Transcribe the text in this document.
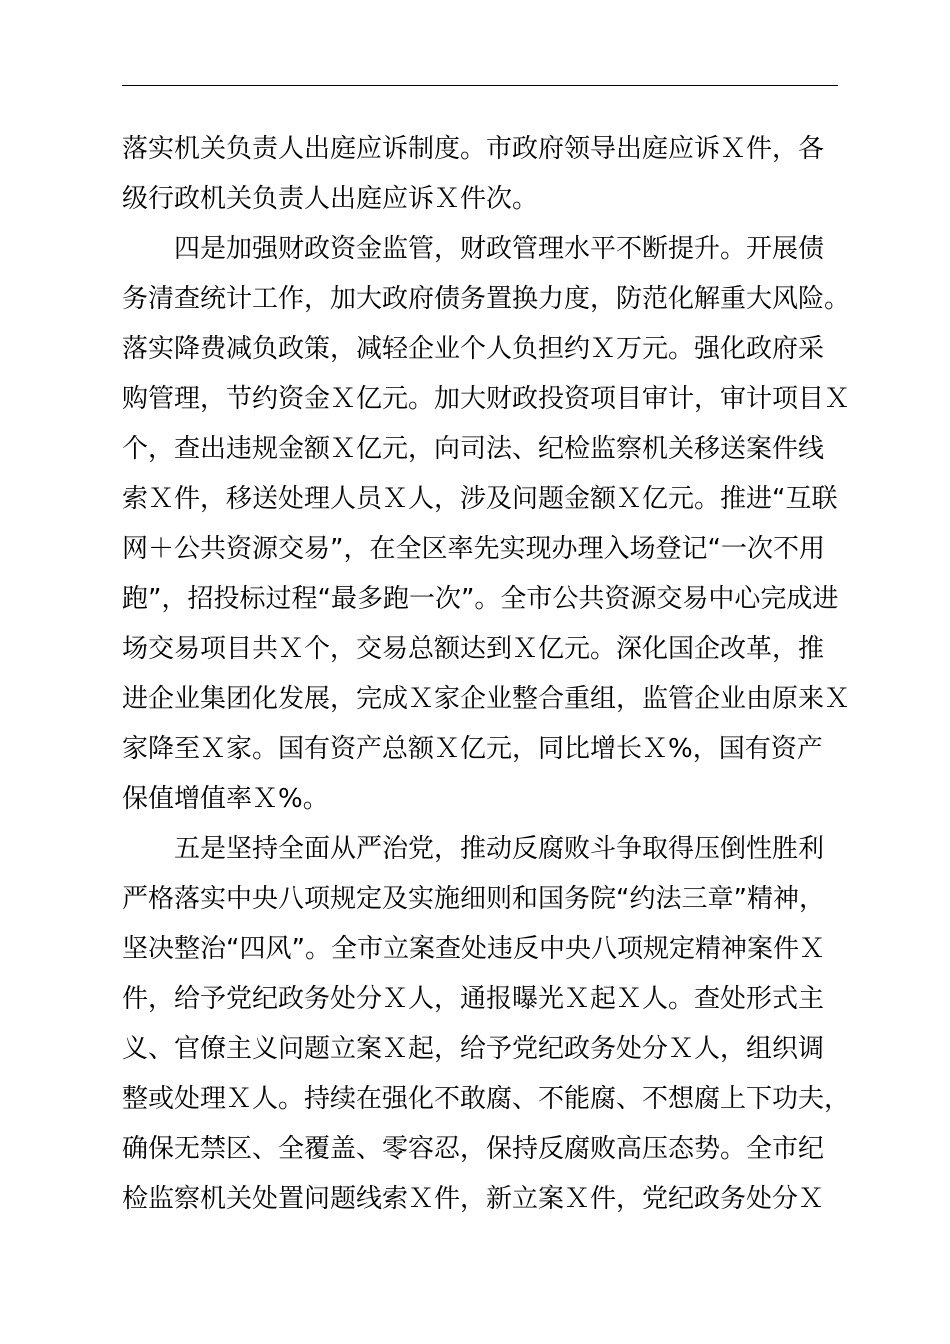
落实机关负责人出庭应诉制度。市政府领导出庭应诉Ｘ件，各
级行政机关负责人出庭应诉Ｘ件次。
四是加强财政资金监管，财政管理水平不断提升。开展债
务清查统计工作，加大政府债务置换力度，防范化解重大风险。
落实降费减负政策，减轻企业个人负担约Ｘ万元。强化政府采
购管理，节约资金Ｘ亿元。加大财政投资项目审计，审计项目Ｘ
个，查出违规金额Ｘ亿元，向司法、纪检监察机关移送案件线
索Ｘ件，移送处理人员Ｘ人，涉及问题金额Ｘ亿元。推进“互联
网＋公共资源交易”，在全区率先实现办理入场登记“一次不用
跑”，招投标过程“最多跑一次”。全市公共资源交易中心完成进
场交易项目共Ｘ个，交易总额达到Ｘ亿元。深化国企改革，推
进企业集团化发展，完成Ｘ家企业整合重组，监管企业由原来Ｘ
家降至Ｘ家。国有资产总额Ｘ亿元，同比增长Ｘ%，国有资产
保值增值率Ｘ%。
五是坚持全面从严治党，推动反腐败斗争取得压倒性胜利
严格落实中央八项规定及实施细则和国务院“约法三章”精神，
坚决整治“四风”。全市立案查处违反中央八项规定精神案件Ｘ
件，给予党纪政务处分Ｘ人，通报曝光Ｘ起Ｘ人。查处形式主
义、官僚主义问题立案Ｘ起，给予党纪政务处分Ｘ人，组织调
整或处理Ｘ人。持续在强化不敢腐、不能腐、不想腐上下功夫，
确保无禁区、全覆盖、零容忍，保持反腐败高压态势。全市纪
检监察机关处置问题线索Ｘ件，新立案Ｘ件，党纪政务处分Ｘ
